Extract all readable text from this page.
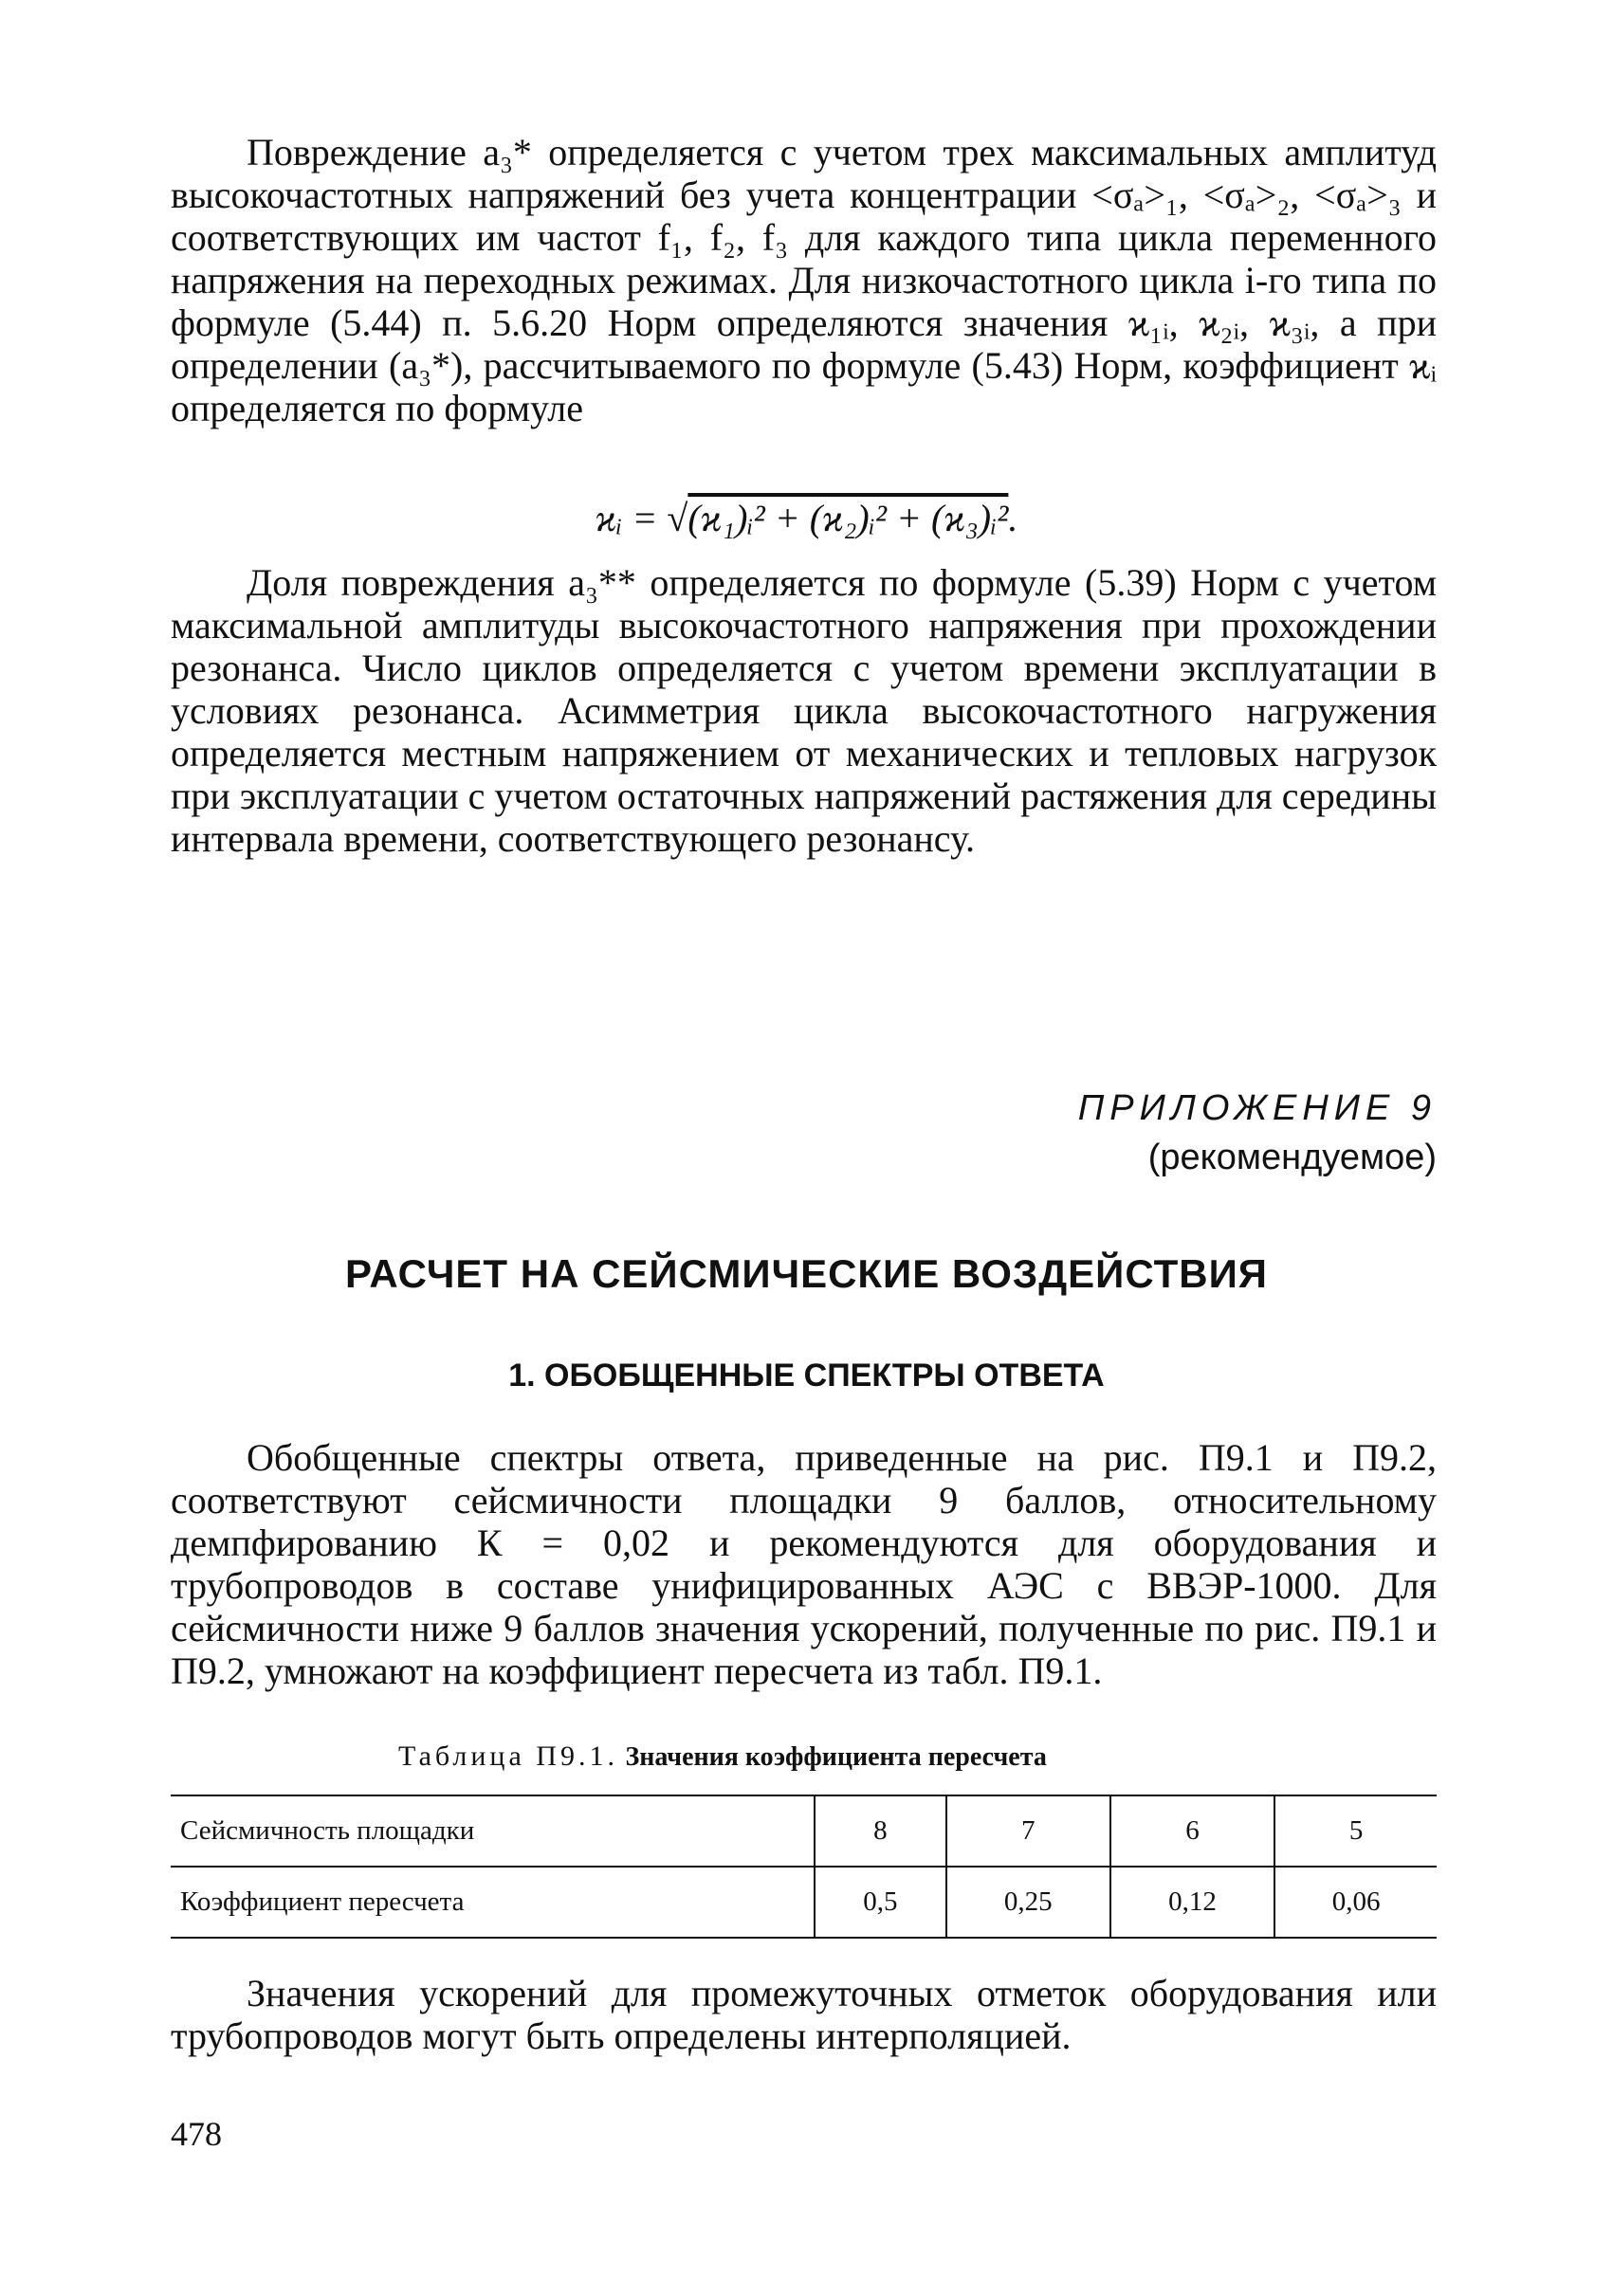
Повреждение а₃* определяется с учетом трех максимальных амплитуд высокочастотных напряжений без учета концентрации <σₐ>₁, <σₐ>₂, <σₐ>₃ и соответствующих им частот f₁, f₂, f₃ для каждого типа цикла переменного напряжения на переходных режимах. Для низкочастотного цикла i-го типа по формуле (5.44) п. 5.6.20 Норм определяются значения ϰ₁ᵢ, ϰ₂ᵢ, ϰ₃ᵢ, а при определении (а₃*), рассчитываемого по формуле (5.43) Норм, коэффициент ϰᵢ определяется по формуле

ϰᵢ = √(ϰ₁)ᵢ² + (ϰ₂)ᵢ² + (ϰ₃)ᵢ².

Доля повреждения а₃** определяется по формуле (5.39) Норм с учетом максимальной амплитуды высокочастотного напряжения при прохождении резонанса. Число циклов определяется с учетом времени эксплуатации в условиях резонанса. Асимметрия цикла высокочастотного нагружения определяется местным напряжением от механических и тепловых нагрузок при эксплуатации с учетом остаточных напряжений растяжения для середины интервала времени, соответствующего резонансу.

ПРИЛОЖЕНИЕ 9
(рекомендуемое)
РАСЧЕТ НА СЕЙСМИЧЕСКИЕ ВОЗДЕЙСТВИЯ
1. ОБОБЩЕННЫЕ СПЕКТРЫ ОТВЕТА

Обобщенные спектры ответа, приведенные на рис. П9.1 и П9.2, соответствуют сейсмичности площадки 9 баллов, относительному демпфированию К = 0,02 и рекомендуются для оборудования и трубопроводов в составе унифицированных АЭС с ВВЭР-1000. Для сейсмичности ниже 9 баллов значения ускорений, полученные по рис. П9.1 и П9.2, умножают на коэффициент пересчета из табл. П9.1.

Таблица П9.1. Значения коэффициента пересчета
Сейсмичность площадки	8	7	6	5
Коэффициент пересчета	0,5	0,25	0,12	0,06

Значения ускорений для промежуточных отметок оборудования или трубопроводов могут быть определены интерполяцией.

478
